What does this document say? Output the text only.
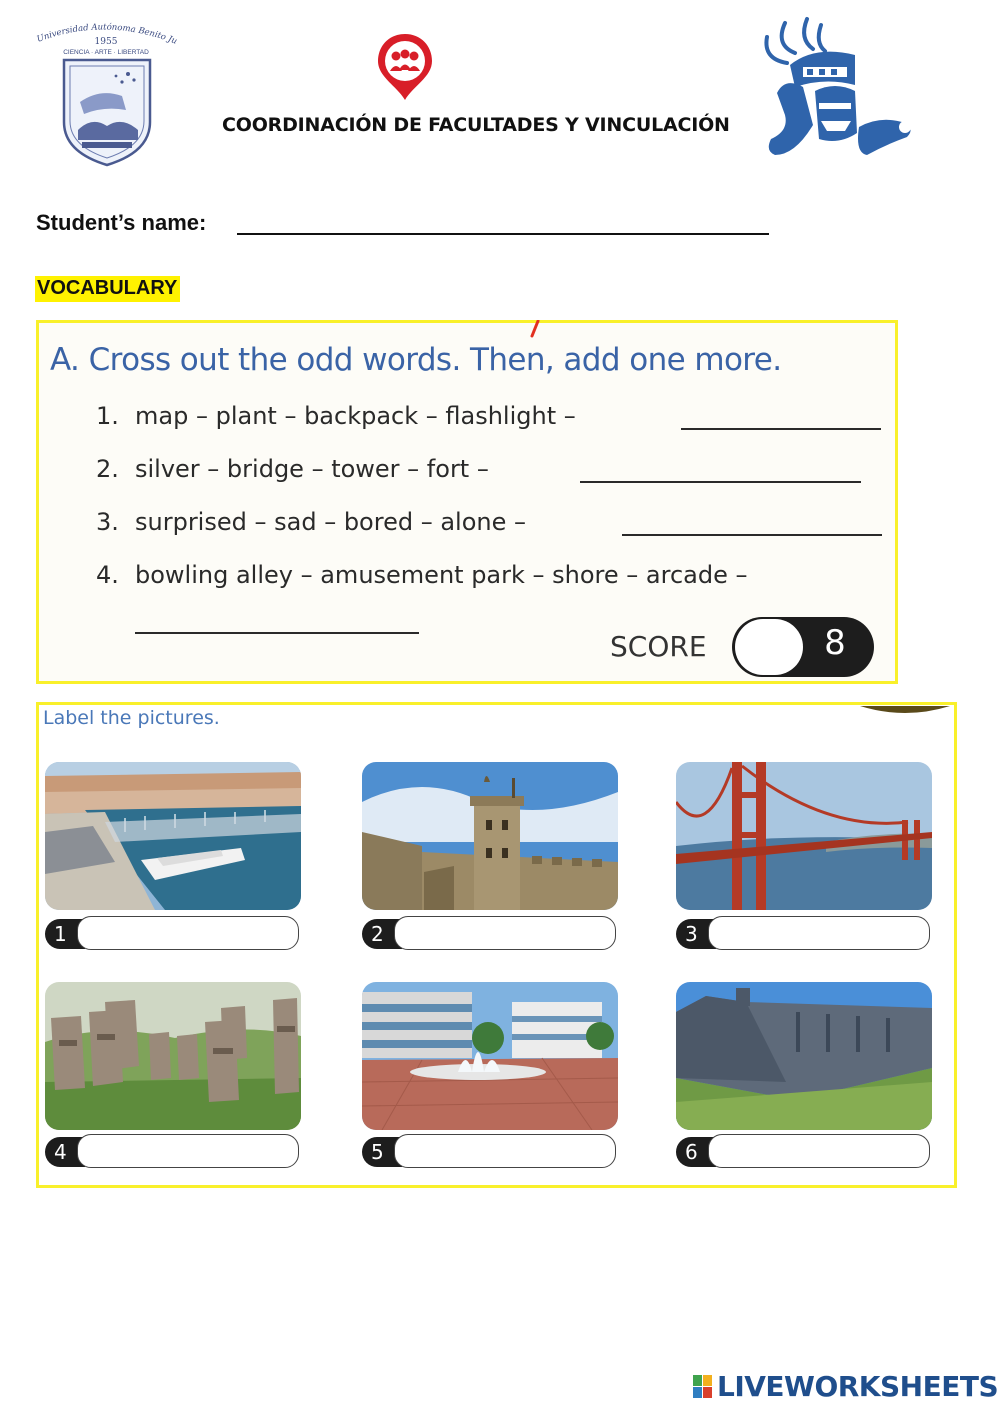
Universidad Autónoma Benito Ju
1955
CIENCIA · ARTE · LIBERTAD
COORDINACIÓN DE FACULTADES Y VINCULACIÓN
Student’s name:
VOCABULARY
A. Cross out the odd words. Then, add one more.
1. map – plant – backpack – flashlight –
2. silver – bridge – tower – fort –
3. surprised – sad – bored – alone –
4. bowling alley – amusement park – shore – arcade –
SCORE	8
Label the pictures.
1	2	3
4	5	6
LIVEWORKSHEETS
